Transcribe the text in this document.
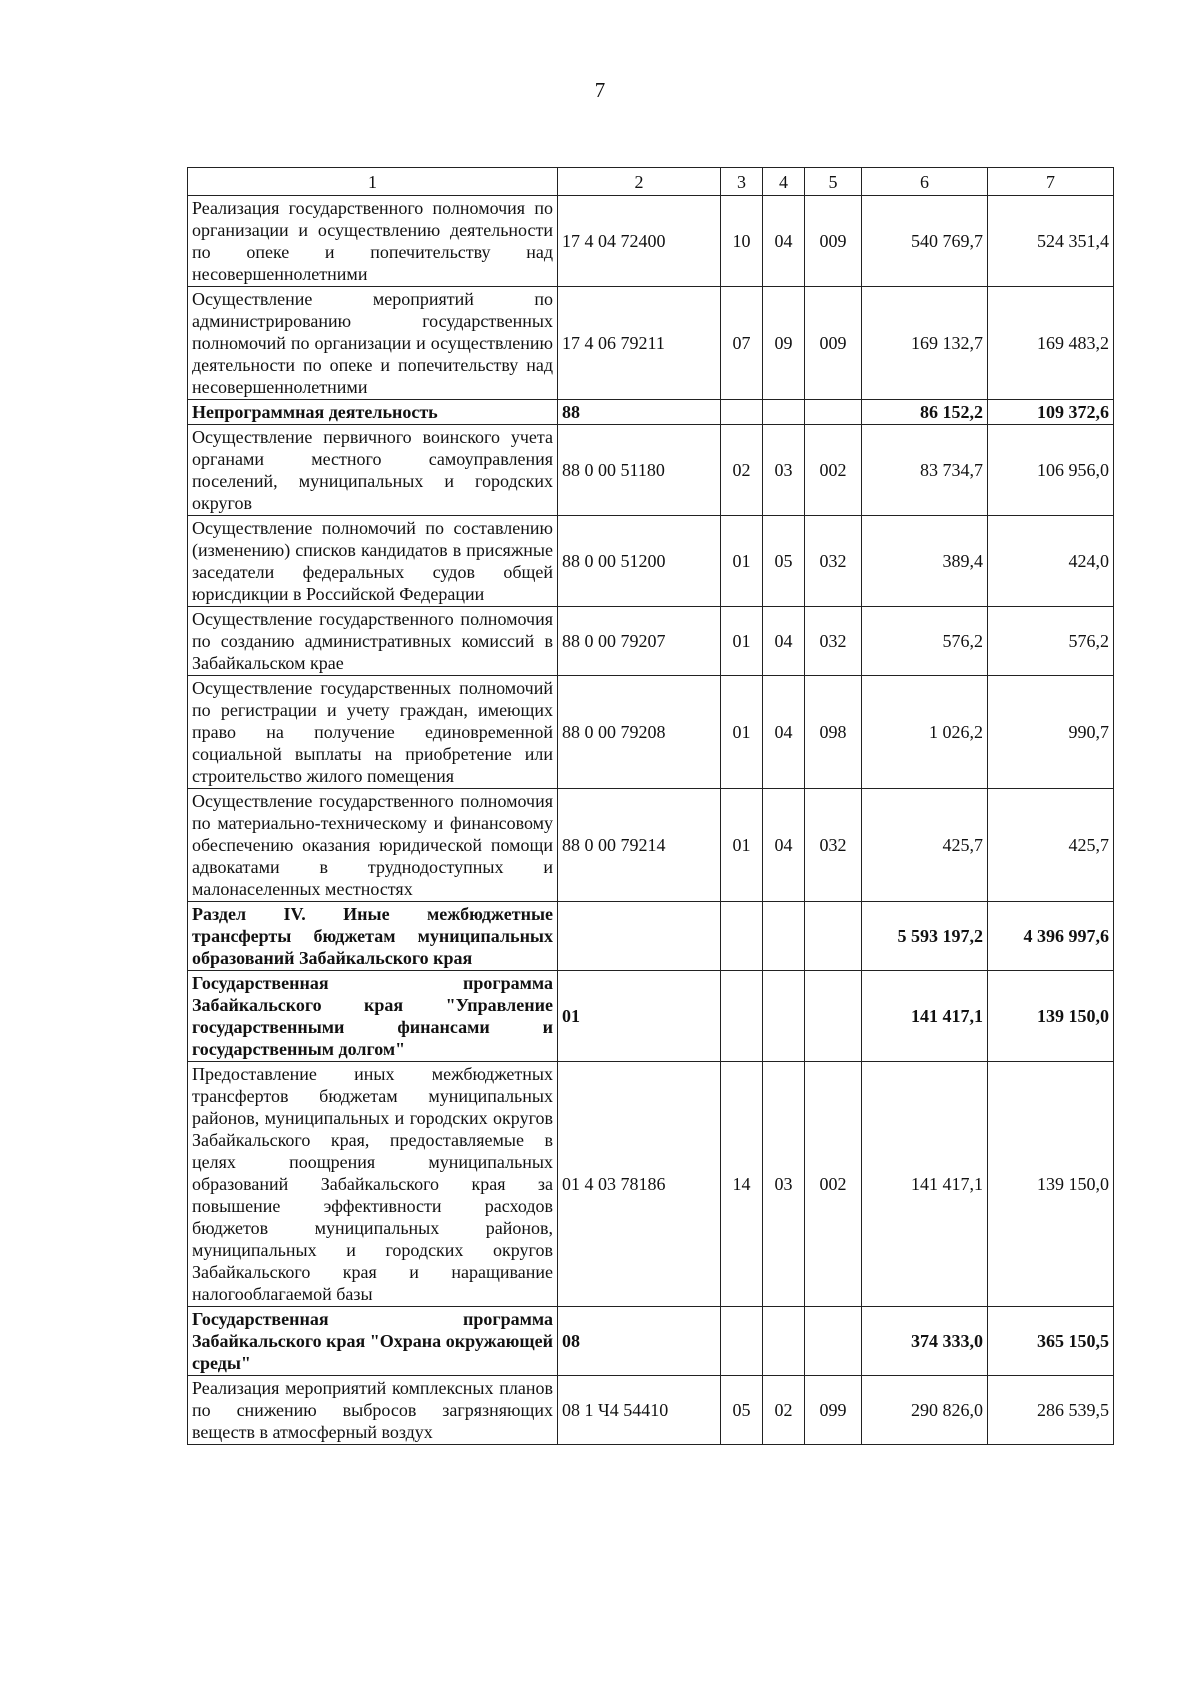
7
1	2	3	4	5	6	7
Реализация государственного полномочия по организации и осуществлению деятельности по опеке и попечительству над несовершеннолетними	17 4 04 72400	10	04	009	540 769,7	524 351,4
Осуществление мероприятий по администрированию государственных полномочий по организации и осуществлению деятельности по опеке и попечительству над несовершеннолетними	17 4 06 79211	07	09	009	169 132,7	169 483,2
Непрограммная деятельность	88				86 152,2	109 372,6
Осуществление первичного воинского учета органами местного самоуправления поселений, муниципальных и городских округов	88 0 00 51180	02	03	002	83 734,7	106 956,0
Осуществление полномочий по составлению (изменению) списков кандидатов в присяжные заседатели федеральных судов общей юрисдикции в Российской Федерации	88 0 00 51200	01	05	032	389,4	424,0
Осуществление государственного полномочия по созданию административных комиссий в Забайкальском крае	88 0 00 79207	01	04	032	576,2	576,2
Осуществление государственных полномочий по регистрации и учету граждан, имеющих право на получение единовременной социальной выплаты на приобретение или строительство жилого помещения	88 0 00 79208	01	04	098	1 026,2	990,7
Осуществление государственного полномочия по материально-техническому и финансовому обеспечению оказания юридической помощи адвокатами в труднодоступных и малонаселенных местностях	88 0 00 79214	01	04	032	425,7	425,7
Раздел IV. Иные межбюджетные трансферты бюджетам муниципальных образований Забайкальского края					5 593 197,2	4 396 997,6
Государственная программа Забайкальского края "Управление государственными финансами и государственным долгом"	01				141 417,1	139 150,0
Предоставление иных межбюджетных трансфертов бюджетам муниципальных районов, муниципальных и городских округов Забайкальского края, предоставляемые в целях поощрения муниципальных образований Забайкальского края за повышение эффективности расходов бюджетов муниципальных районов, муниципальных и городских округов Забайкальского края и наращивание налогооблагаемой базы	01 4 03 78186	14	03	002	141 417,1	139 150,0
Государственная программа Забайкальского края "Охрана окружающей среды"	08				374 333,0	365 150,5
Реализация мероприятий комплексных планов по снижению выбросов загрязняющих веществ в атмосферный воздух	08 1 Ч4 54410	05	02	099	290 826,0	286 539,5
